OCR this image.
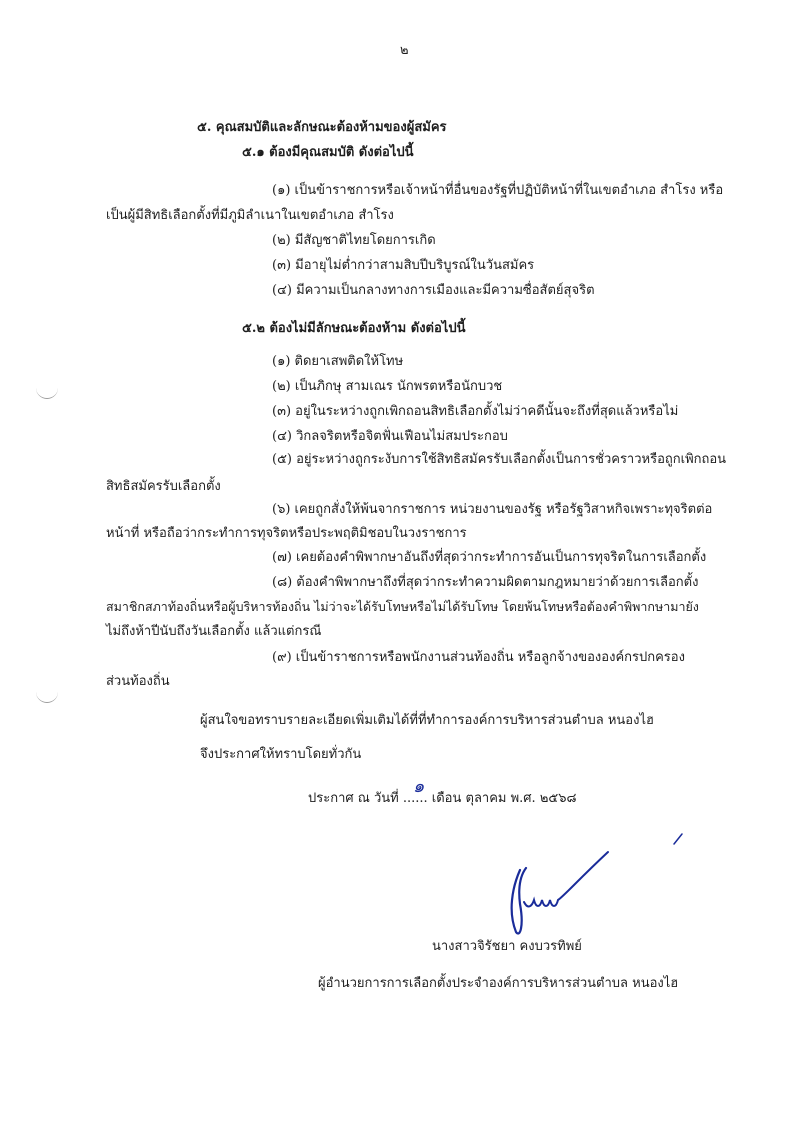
๒
๕. คุณสมบัติและลักษณะต้องห้ามของผู้สมัคร
๕.๑ ต้องมีคุณสมบัติ ดังต่อไปนี้
(๑) เป็นข้าราชการหรือเจ้าหน้าที่อื่นของรัฐที่ปฏิบัติหน้าที่ในเขตอำเภอ สำโรง หรือ
เป็นผู้มีสิทธิเลือกตั้งที่มีภูมิลำเนาในเขตอำเภอ สำโรง
(๒) มีสัญชาติไทยโดยการเกิด
(๓) มีอายุไม่ต่ำกว่าสามสิบปีบริบูรณ์ในวันสมัคร
(๔) มีความเป็นกลางทางการเมืองและมีความซื่อสัตย์สุจริต
๕.๒ ต้องไม่มีลักษณะต้องห้าม ดังต่อไปนี้
(๑) ติดยาเสพติดให้โทษ
(๒) เป็นภิกษุ สามเณร นักพรตหรือนักบวช
(๓) อยู่ในระหว่างถูกเพิกถอนสิทธิเลือกตั้งไม่ว่าคดีนั้นจะถึงที่สุดแล้วหรือไม่
(๔) วิกลจริตหรือจิตฟั่นเฟือนไม่สมประกอบ
(๕) อยู่ระหว่างถูกระงับการใช้สิทธิสมัครรับเลือกตั้งเป็นการชั่วคราวหรือถูกเพิกถอน
สิทธิสมัครรับเลือกตั้ง
(๖) เคยถูกสั่งให้พ้นจากราชการ หน่วยงานของรัฐ หรือรัฐวิสาหกิจเพราะทุจริตต่อ
หน้าที่ หรือถือว่ากระทำการทุจริตหรือประพฤติมิชอบในวงราชการ
(๗) เคยต้องคำพิพากษาอันถึงที่สุดว่ากระทำการอันเป็นการทุจริตในการเลือกตั้ง
(๘) ต้องคำพิพากษาถึงที่สุดว่ากระทำความผิดตามกฎหมายว่าด้วยการเลือกตั้ง
สมาชิกสภาท้องถิ่นหรือผู้บริหารท้องถิ่น ไม่ว่าจะได้รับโทษหรือไม่ได้รับโทษ โดยพ้นโทษหรือต้องคำพิพากษามายัง
ไม่ถึงห้าปีนับถึงวันเลือกตั้ง แล้วแต่กรณี
(๙) เป็นข้าราชการหรือพนักงานส่วนท้องถิ่น หรือลูกจ้างขององค์กรปกครอง
ส่วนท้องถิ่น
ผู้สนใจขอทราบรายละเอียดเพิ่มเติมได้ที่ที่ทำการองค์การบริหารส่วนตำบล หนองไฮ
จึงประกาศให้ทราบโดยทั่วกัน
ประกาศ ณ วันที่ ......
๑
เดือน ตุลาคม พ.ศ. ๒๕๖๘
นางสาวจิรัชยา คงบวรทิพย์
ผู้อำนวยการการเลือกตั้งประจำองค์การบริหารส่วนตำบล หนองไฮ
